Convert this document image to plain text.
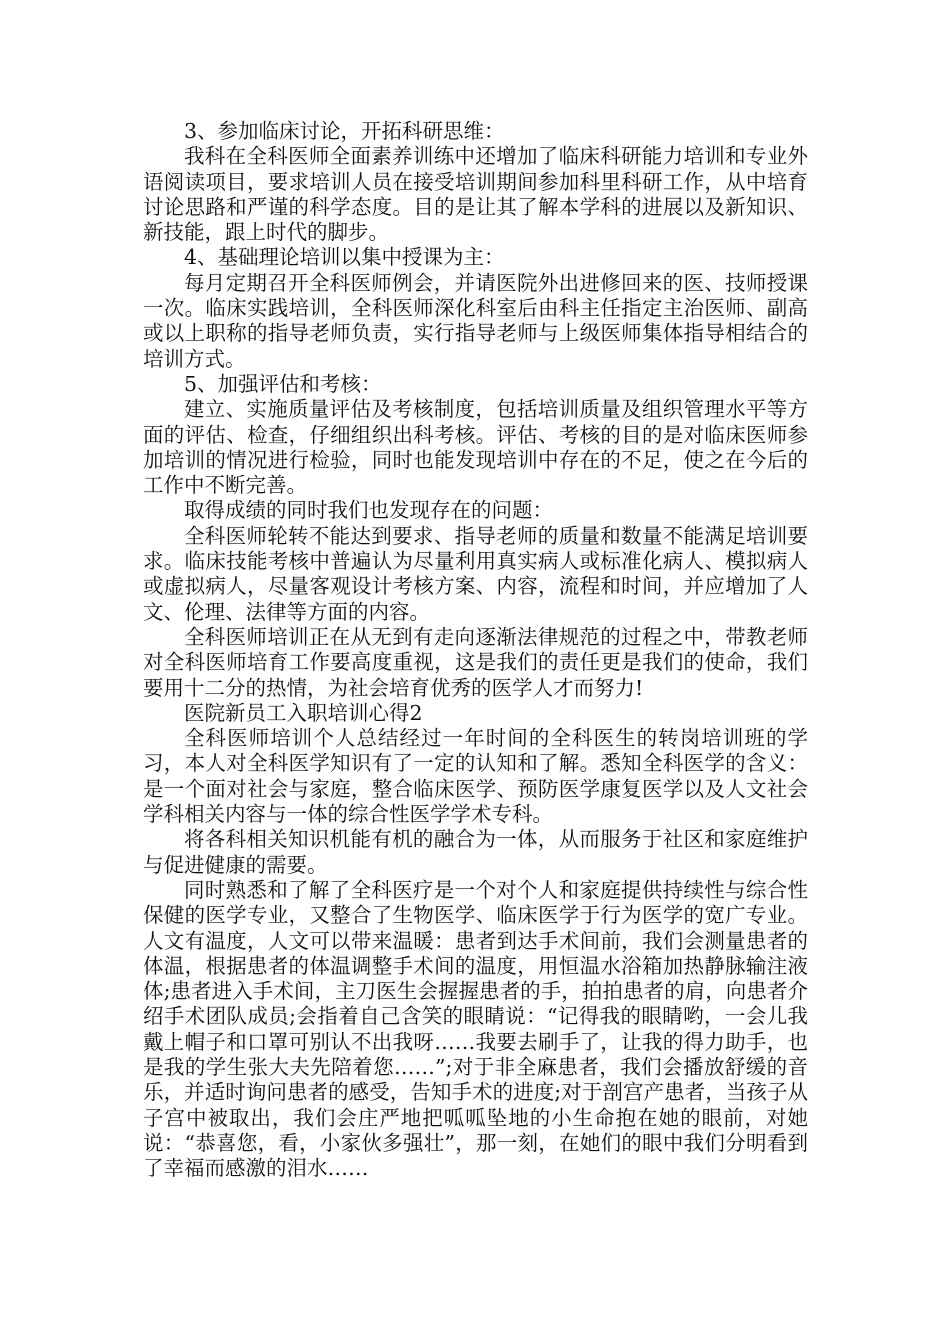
3、参加临床讨论，开拓科研思维：

我科在全科医师全面素养训练中还增加了临床科研能力培训和专业外语阅读项目，要求培训人员在接受培训期间参加科里科研工作，从中培育讨论思路和严谨的科学态度。目的是让其了解本学科的进展以及新知识、新技能，跟上时代的脚步。

4、基础理论培训以集中授课为主：

每月定期召开全科医师例会，并请医院外出进修回来的医、技师授课一次。临床实践培训，全科医师深化科室后由科主任指定主治医师、副高或以上职称的指导老师负责，实行指导老师与上级医师集体指导相结合的培训方式。

5、加强评估和考核：

建立、实施质量评估及考核制度，包括培训质量及组织管理水平等方面的评估、检查，仔细组织出科考核。评估、考核的目的是对临床医师参加培训的情况进行检验，同时也能发现培训中存在的不足，使之在今后的工作中不断完善。

取得成绩的同时我们也发现存在的问题：

全科医师轮转不能达到要求、指导老师的质量和数量不能满足培训要求。临床技能考核中普遍认为尽量利用真实病人或标准化病人、模拟病人或虚拟病人，尽量客观设计考核方案、内容，流程和时间，并应增加了人文、伦理、法律等方面的内容。

全科医师培训正在从无到有走向逐渐法律规范的过程之中，带教老师对全科医师培育工作要高度重视，这是我们的责任更是我们的使命，我们要用十二分的热情，为社会培育优秀的医学人才而努力!

医院新员工入职培训心得2

全科医师培训个人总结经过一年时间的全科医生的转岗培训班的学习，本人对全科医学知识有了一定的认知和了解。悉知全科医学的含义：是一个面对社会与家庭，整合临床医学、预防医学康复医学以及人文社会学科相关内容与一体的综合性医学学术专科。

将各科相关知识机能有机的融合为一体，从而服务于社区和家庭维护与促进健康的需要。

同时熟悉和了解了全科医疗是一个对个人和家庭提供持续性与综合性保健的医学专业，又整合了生物医学、临床医学于行为医学的宽广专业。 人文有温度，人文可以带来温暖：患者到达手术间前，我们会测量患者的体温，根据患者的体温调整手术间的温度，用恒温水浴箱加热静脉输注液体;患者进入手术间，主刀医生会握握患者的手，拍拍患者的肩，向患者介绍手术团队成员;会指着自己含笑的眼睛说：“记得我的眼睛哟，一会儿我戴上帽子和口罩可别认不出我呀……我要去刷手了，让我的得力助手，也是我的学生张大夫先陪着您……”;对于非全麻患者，我们会播放舒缓的音乐，并适时询问患者的感受，告知手术的进度;对于剖宫产患者，当孩子从子宫中被取出，我们会庄严地把呱呱坠地的小生命抱在她的眼前，对她说：“恭喜您，看，小家伙多强壮”，那一刻，在她们的眼中我们分明看到了幸福而感激的泪水……
